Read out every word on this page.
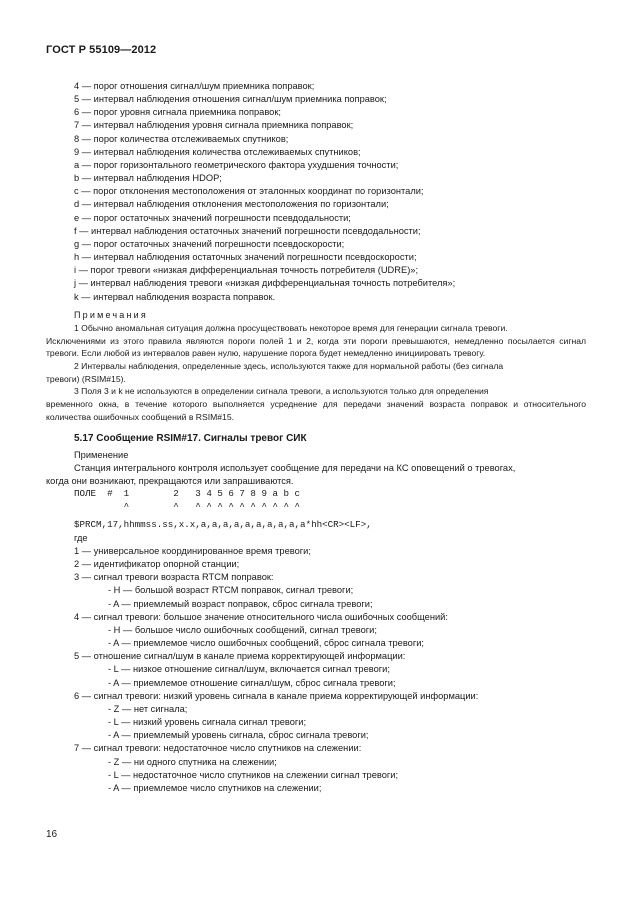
ГОСТ Р 55109—2012
4 — порог отношения сигнал/шум приемника поправок;
5 — интервал наблюдения отношения сигнал/шум приемника поправок;
6 — порог уровня сигнала приемника поправок;
7 — интервал наблюдения уровня сигнала приемника поправок;
8 — порог количества отслеживаемых спутников;
9 — интервал наблюдения количества отслеживаемых спутников;
a — порог горизонтального геометрического фактора ухудшения точности;
b — интервал наблюдения HDOP;
c — порог отклонения местоположения от эталонных координат по горизонтали;
d — интервал наблюдения отклонения местоположения по горизонтали;
e — порог остаточных значений погрешности псевдодальности;
f — интервал наблюдения остаточных значений погрешности псевдодальности;
g — порог остаточных значений погрешности псевдоскорости;
h — интервал наблюдения остаточных значений погрешности псевдоскорости;
i — порог тревоги «низкая дифференциальная точность потребителя (UDRE)»;
j — интервал наблюдения тревоги «низкая дифференциальная точность потребителя»;
k — интервал наблюдения возраста поправок.
Примечания
1 Обычно аномальная ситуация должна просуществовать некоторое время для генерации сигнала тревоги.
Исключениями из этого правила являются пороги полей 1 и 2, когда эти пороги превышаются, немедленно посылается сигнал тревоги. Если любой из интервалов равен нулю, нарушение порога будет немедленно инициировать тревогу.
2 Интервалы наблюдения, определенные здесь, используются также для нормальной работы (без сигнала
тревоги) (RSIM#15).
3 Поля 3 и k не используются в определении сигнала тревоги, а используются только для определения
временного окна, в течение которого выполняется усреднение для передачи значений возраста поправок и относительного количества ошибочных сообщений в RSIM#15.
5.17 Сообщение RSIM#17. Сигналы тревог СИК
Применение
Станция интегрального контроля использует сообщение для передачи на КС оповещений о тревогах,
когда они возникают, прекращаются или запрашиваются.
ПОЛЕ  #  1        2   3 4 5 6 7 8 9 a b c
^        ^   ^ ^ ^ ^ ^ ^ ^ ^ ^ ^
$PRCM,17,hhmmss.ss,x.x,a,a,a,a,a,a,a,a,a,a*hh<CR><LF>,
где
1 — универсальное координированное время тревоги;
2 — идентификатор опорной станции;
3 — сигнал тревоги возраста RTCM поправок:
- H — большой возраст RTCM поправок, сигнал тревоги;
- A — приемлемый возраст поправок, сброс сигнала тревоги;
4 — сигнал тревоги: большое значение относительного числа ошибочных сообщений:
- H — большое число ошибочных сообщений, сигнал тревоги;
- A — приемлемое число ошибочных сообщений, сброс сигнала тревоги;
5 — отношение сигнал/шум в канале приема корректирующей информации:
- L — низкое отношение сигнал/шум, включается сигнал тревоги;
- A — приемлемое отношение сигнал/шум, сброс сигнала тревоги;
6 — сигнал тревоги: низкий уровень сигнала в канале приема корректирующей информации:
- Z — нет сигнала;
- L — низкий уровень сигнала сигнал тревоги;
- A — приемлемый уровень сигнала, сброс сигнала тревоги;
7 — сигнал тревоги: недостаточное число спутников на слежении:
- Z — ни одного спутника на слежении;
- L — недостаточное число спутников на слежении сигнал тревоги;
- A — приемлемое число спутников на слежении;
16
